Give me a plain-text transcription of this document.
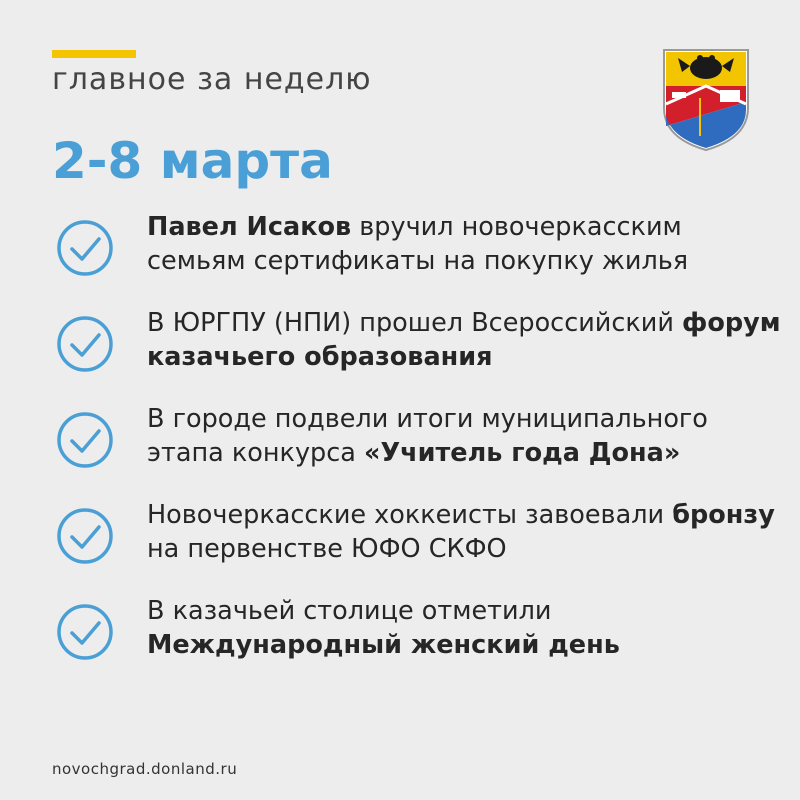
главное за неделю
2-8 марта
Павел Исаков вручил новочеркасским семьям сертификаты на покупку жилья
В ЮРГПУ (НПИ) прошел Всероссийский форум казачьего образования
В городе подвели итоги муниципального этапа конкурса «Учитель года Дона»
Новочеркасские хоккеисты завоевали бронзу на первенстве ЮФО СКФО
В казачьей столице отметили Международный женский день
novochgrad.donland.ru
